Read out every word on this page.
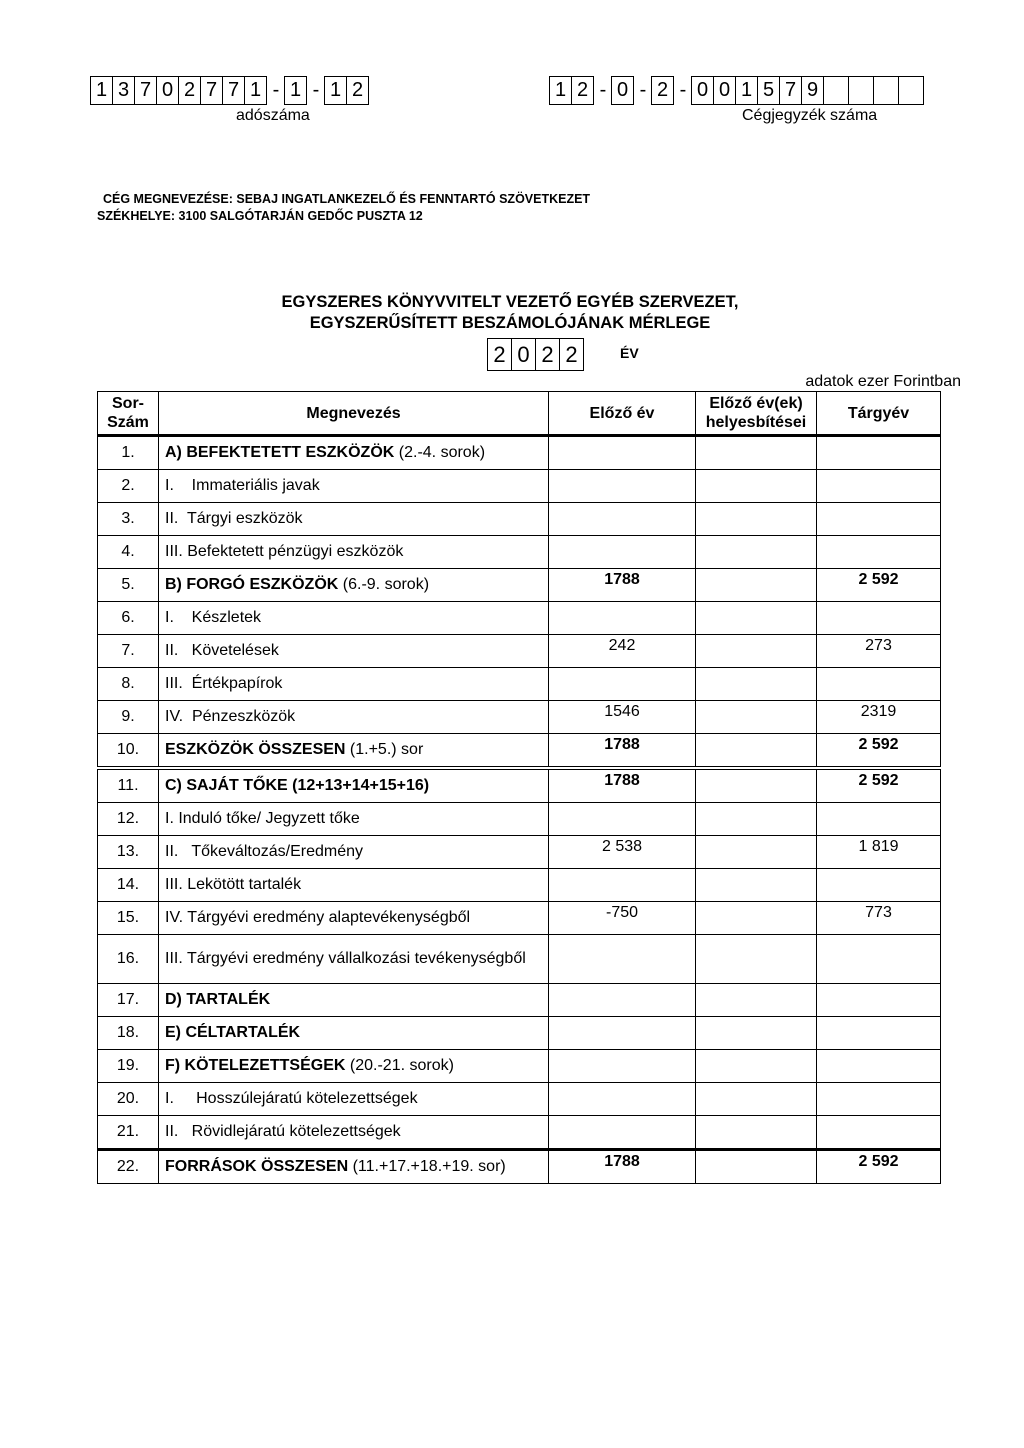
1 3 7 0 2 7 7 1 - 1 - 1 2
adószáma
1 2 - 0 - 2 - 0 0 1 5 7 9
Cégjegyzék száma
CÉG MEGNEVEZÉSE: SEBAJ INGATLANKEZELŐ ÉS FENNTARTÓ SZÖVETKEZET
SZÉKHELYE: 3100 SALGÓTARJÁN GEDŐC PUSZTA 12
EGYSZERES KÖNYVVITELT VEZETŐ EGYÉB SZERVEZET,
EGYSZERŰSÍTETT BESZÁMOLÓJÁNAK MÉRLEGE
2 0 2 2	ÉV
adatok ezer Forintban
Sor-
Szám	Megnevezés	Előző év	Előző év(ek)
helyesbítései	Tárgyév
1.	A) BEFEKTETETT ESZKÖZÖK (2.-4. sorok)			
2.	I.    Immateriális javak			
3.	II.  Tárgyi eszközök			
4.	III. Befektetett pénzügyi eszközök			
5.	B) FORGÓ ESZKÖZÖK (6.-9. sorok)	1788		2 592
6.	I.    Készletek			
7.	II.   Követelések	242		273
8.	III.  Értékpapírok			
9.	IV.  Pénzeszközök	1546		2319
10.	ESZKÖZÖK ÖSSZESEN (1.+5.) sor	1788		2 592
11.	C) SAJÁT TŐKE (12+13+14+15+16)	1788		2 592
12.	I. Induló tőke/ Jegyzett tőke			
13.	II.   Tőkeváltozás/Eredmény	2 538		1 819
14.	III. Lekötött tartalék			
15.	IV. Tárgyévi eredmény alaptevékenységből	-750		773
16.	III. Tárgyévi eredmény vállalkozási tevékenységből			
17.	D) TARTALÉK			
18.	E) CÉLTARTALÉK			
19.	F) KÖTELEZETTSÉGEK (20.-21. sorok)			
20.	I.     Hosszúlejáratú kötelezettségek			
21.	II.   Rövidlejáratú kötelezettségek			
22.	FORRÁSOK ÖSSZESEN (11.+17.+18.+19. sor)	1788		2 592
